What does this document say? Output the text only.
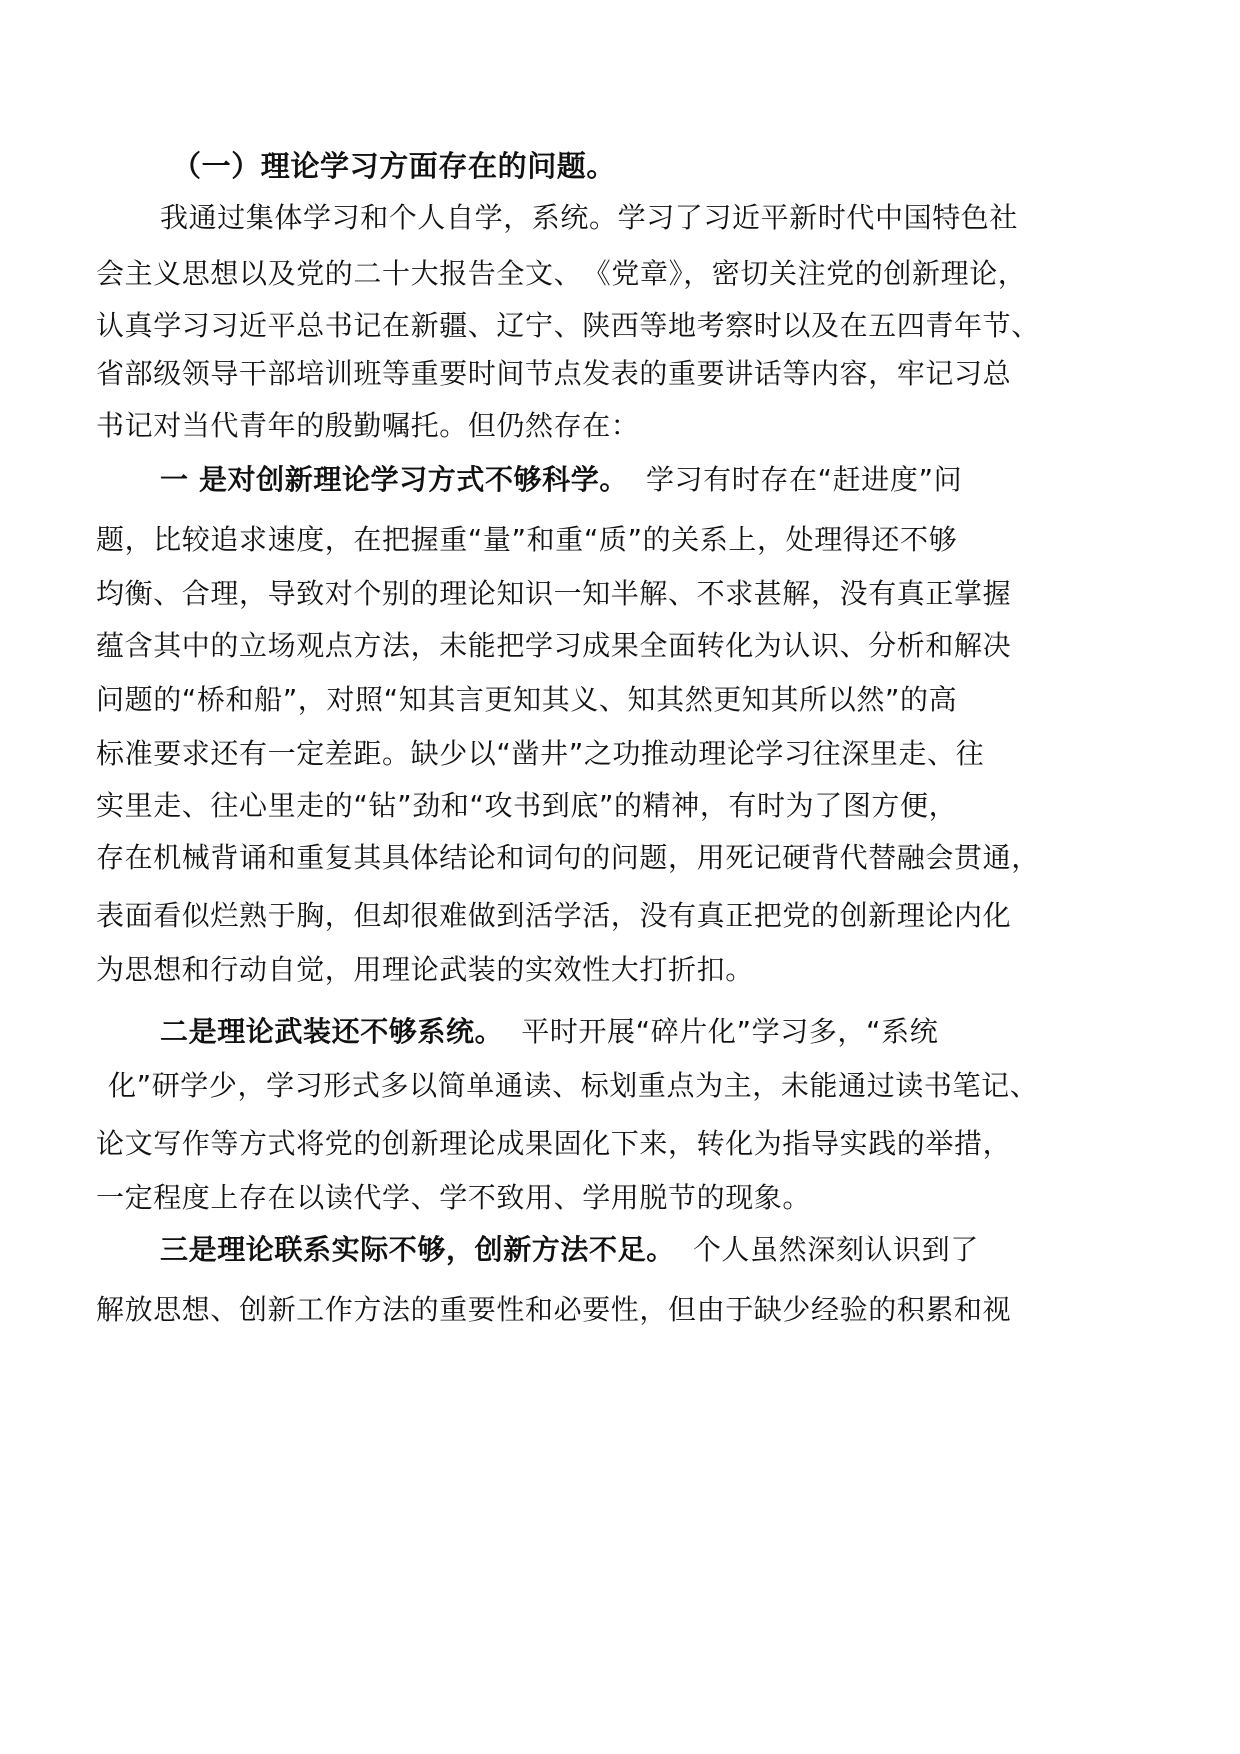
（一）理论学习方面存在的问题。
我通过集体学习和个人自学，系统。学习了习近平新时代中国特色社
会主义思想以及党的二十大报告全文、　《党章》，密切关注党的创新理论，
认真学习习近平总书记在新疆、辽宁、陕西等地考察时以及在五四青年节、
省部级领导干部培训班等重要时间节点发表的重要讲话等内容，牢记习总
书记对当代青年的殷勤嘱托。但仍然存在：
一 是对创新理论学习方式不够科学。 学习有时存在“赶进度”问
题，比较追求速度，在把握重“量”和重“质”的关系上，处理得还不够
均衡、合理，导致对个别的理论知识一知半解、不求甚解，没有真正掌握
蕴含其中的立场观点方法，未能把学习成果全面转化为认识、分析和解决
问题的“桥和船”，对照“知其言更知其义、知其然更知其所以然”的高
标准要求还有一定差距。缺少以“凿井”之功推动理论学习往深里走、往
实里走、往心里走的“钻”劲和“攻书到底”的精神，有时为了图方便，
存在机械背诵和重复其具体结论和词句的问题，用死记硬背代替融会贯通，
表面看似烂熟于胸，但却很难做到活学活，没有真正把党的创新理论内化
为思想和行动自觉，用理论武装的实效性大打折扣。
二是理论武装还不够系统。 平时开展“碎片化”学习多，“系统
化”研学少，学习形式多以简单通读、标划重点为主，未能通过读书笔记、
论文写作等方式将党的创新理论成果固化下来，转化为指导实践的举措，
一定程度上存在以读代学、学不致用、学用脱节的现象。
三是理论联系实际不够，创新方法不足。 个人虽然深刻认识到了
解放思想、创新工作方法的重要性和必要性，但由于缺少经验的积累和视
